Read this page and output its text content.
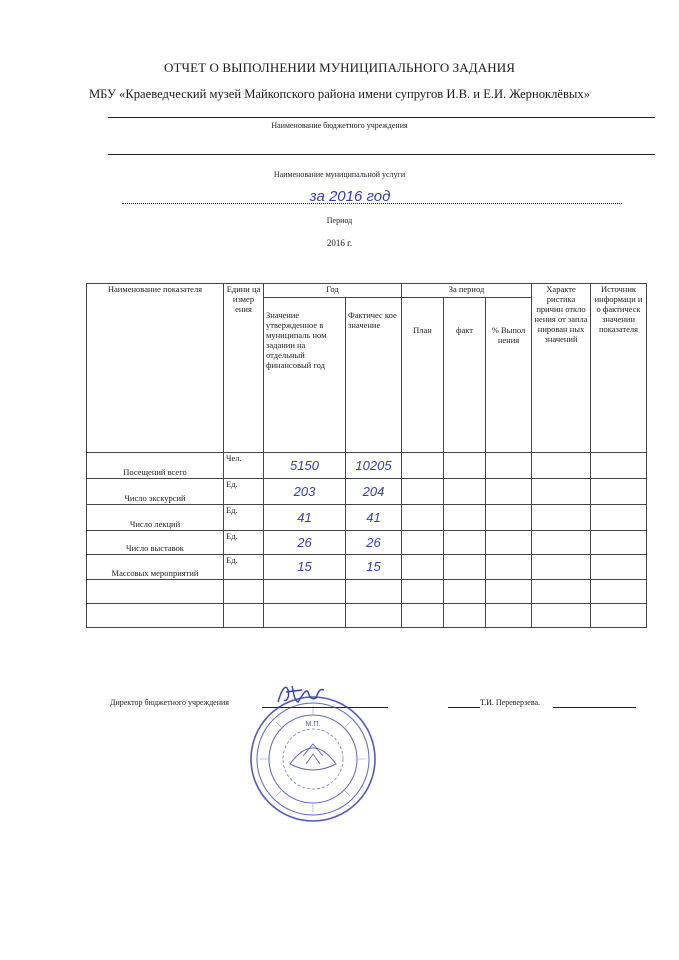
ОТЧЕТ О ВЫПОЛНЕНИИ МУНИЦИПАЛЬНОГО ЗАДАНИЯ
МБУ «Краеведческий музей Майкопского района имени супругов И.В. и Е.И. Жерноклёвых»
Наименование бюджетного учреждения
Наименование муниципальной услуги
за 2016 год
Период
2016 г.
Наименование показателя	Едини ца измер ения	Год		За период			Характе ристика причин откло нения от запла нирован ных значений	Источник информаци и о фактическ значении показателя
		Значение утвержденное в муниципаль ном задании на отдельный финансовый год	Фактичес кое значение	План	факт	% Выпол нения		
Посещений всего	Чел.	5150	10205					
Число экскурсий	Ед.	203	204					
Число лекций	Ед.	41	41					
Число выставок	Ед.	26	26					
Массовых мероприятий	Ед.	15	15					

Директор бюджетного учреждения	Т.И. Переверзева.
М.П.
